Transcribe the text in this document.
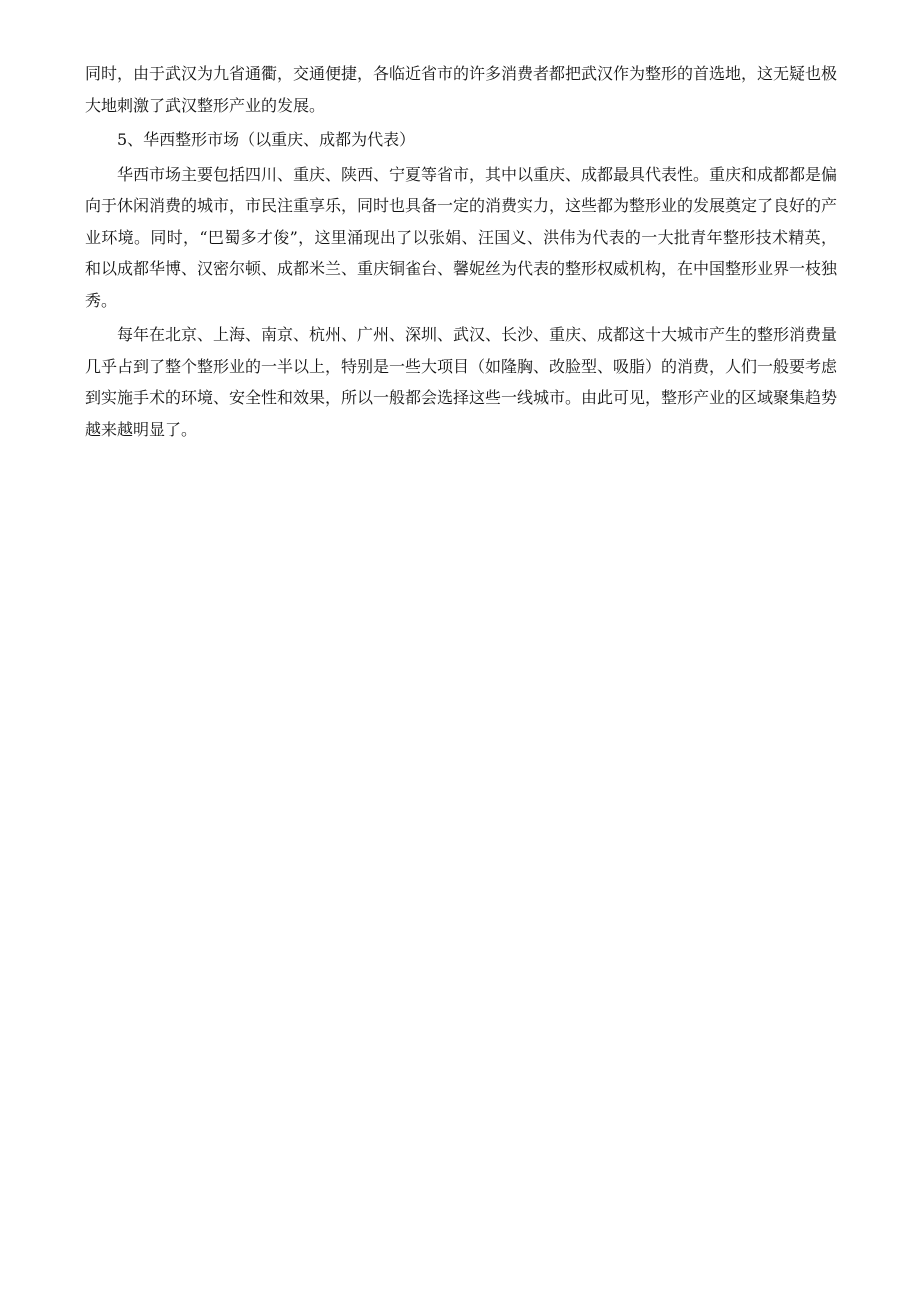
同时，由于武汉为九省通衢，交通便捷，各临近省市的许多消费者都把武汉作为整形的首选地，这无疑也极大地刺激了武汉整形产业的发展。

5、华西整形市场（以重庆、成都为代表）

华西市场主要包括四川、重庆、陕西、宁夏等省市，其中以重庆、成都最具代表性。重庆和成都都是偏向于休闲消费的城市，市民注重享乐，同时也具备一定的消费实力，这些都为整形业的发展奠定了良好的产业环境。同时，“巴蜀多才俊”，这里涌现出了以张娟、汪国义、洪伟为代表的一大批青年整形技术精英，和以成都华博、汉密尔顿、成都米兰、重庆铜雀台、馨妮丝为代表的整形权威机构，在中国整形业界一枝独秀。

每年在北京、上海、南京、杭州、广州、深圳、武汉、长沙、重庆、成都这十大城市产生的整形消费量几乎占到了整个整形业的一半以上，特别是一些大项目（如隆胸、改脸型、吸脂）的消费，人们一般要考虑到实施手术的环境、安全性和效果，所以一般都会选择这些一线城市。由此可见，整形产业的区域聚集趋势越来越明显了。
